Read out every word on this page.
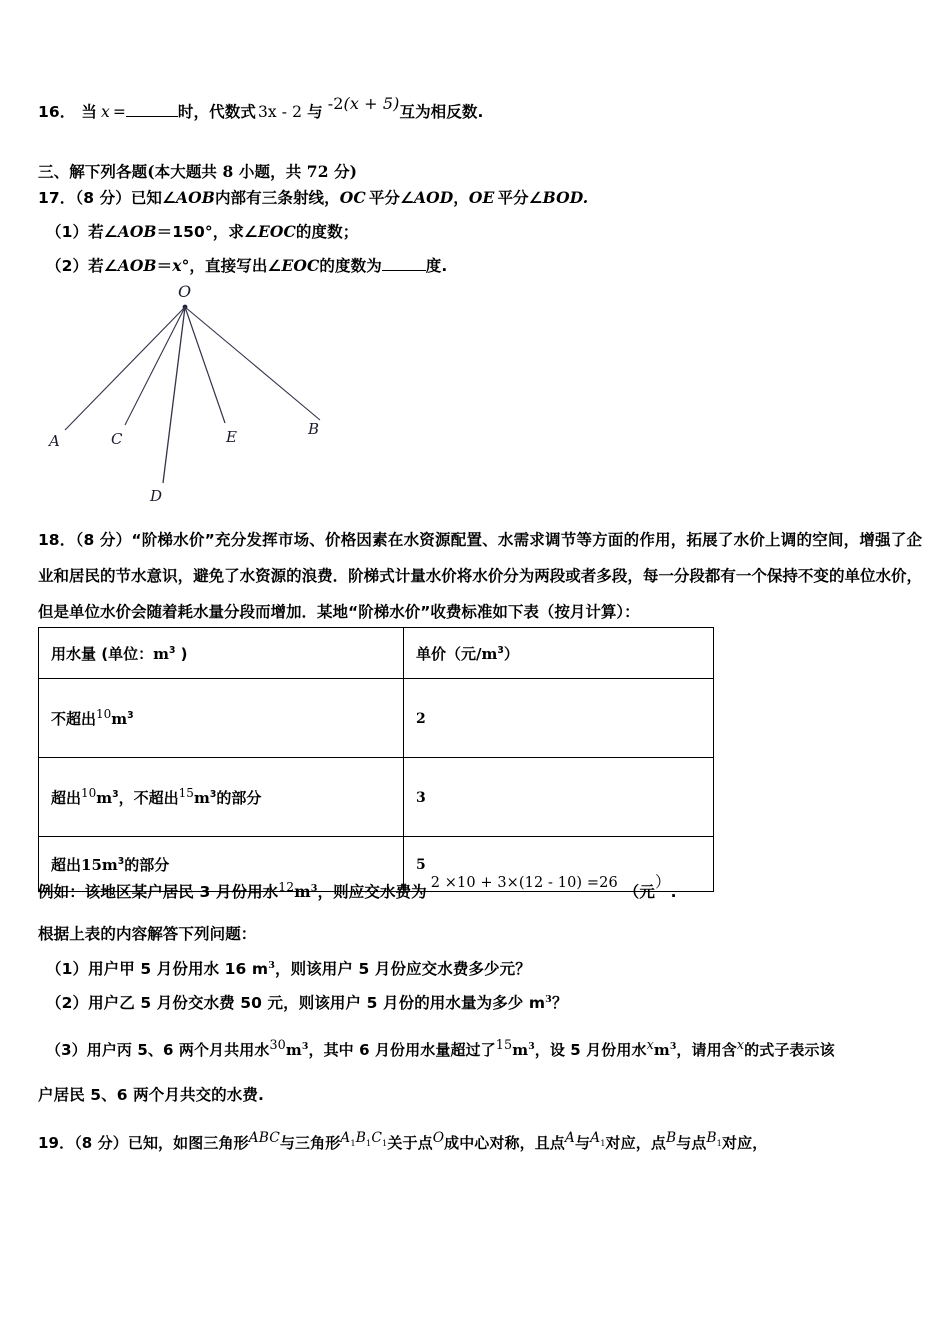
16． 当 x =	时，代数式 3x - 2 与 -2(x + 5)互为相反数.
三、解下列各题(本大题共 8 小题，共 72 分)
17．（8 分）已知∠AOB内部有三条射线，OC 平分∠AOD，OE 平分∠BOD.
（1）若∠AOB＝150°，求∠EOC的度数；
（2）若∠AOB＝x°，直接写出∠EOC的度数为	度.
O
A	C
D
E	B
18．（8 分）“阶梯水价”充分发挥市场、价格因素在水资源配置、水需求调节等方面的作用，拓展了水价上调的空间，增强了企业和居民的节水意识，避免了水资源的浪费．阶梯式计量水价将水价分为两段或者多段，每一分段都有一个保持不变的单位水价，但是单位水价会随着耗水量分段而增加．某地“阶梯水价”收费标准如下表（按月计算）：
用水量 (单位：$m^3$ )	单价（元$/m^3$）
不超出$^{10}m^3$	2
超出$^{10}m^3$，不超出$^{15}m^3$的部分	3
超出$15m^3$的部分	5
例如：该地区某户居民 3 月份用水$^{12}m^3$，则应交水费为 2 ×10 + 3×(12 - 10) =26 （元）.
根据上表的内容解答下列问题：
（1）用户甲 5 月份用水 16 $m^3$，则该用户 5 月份应交水费多少元？
（2）用户乙 5 月份交水费 50 元，则该用户 5 月份的用水量为多少 $m^3$？
（3）用户丙 5、6 两个月共用水$^{30}m^3$，其中 6 月份用水量超过了$^{15}m^3$，设 5 月份用水$^xm^3$，请用含$^x$的式子表示该
户居民 5、6 两个月共交的水费.
19．（8 分）已知，如图三角形ABC与三角形$A_1B_1C_1$关于点O成中心对称，且点A与$A_1$对应，点B与点$B_1$对应，
